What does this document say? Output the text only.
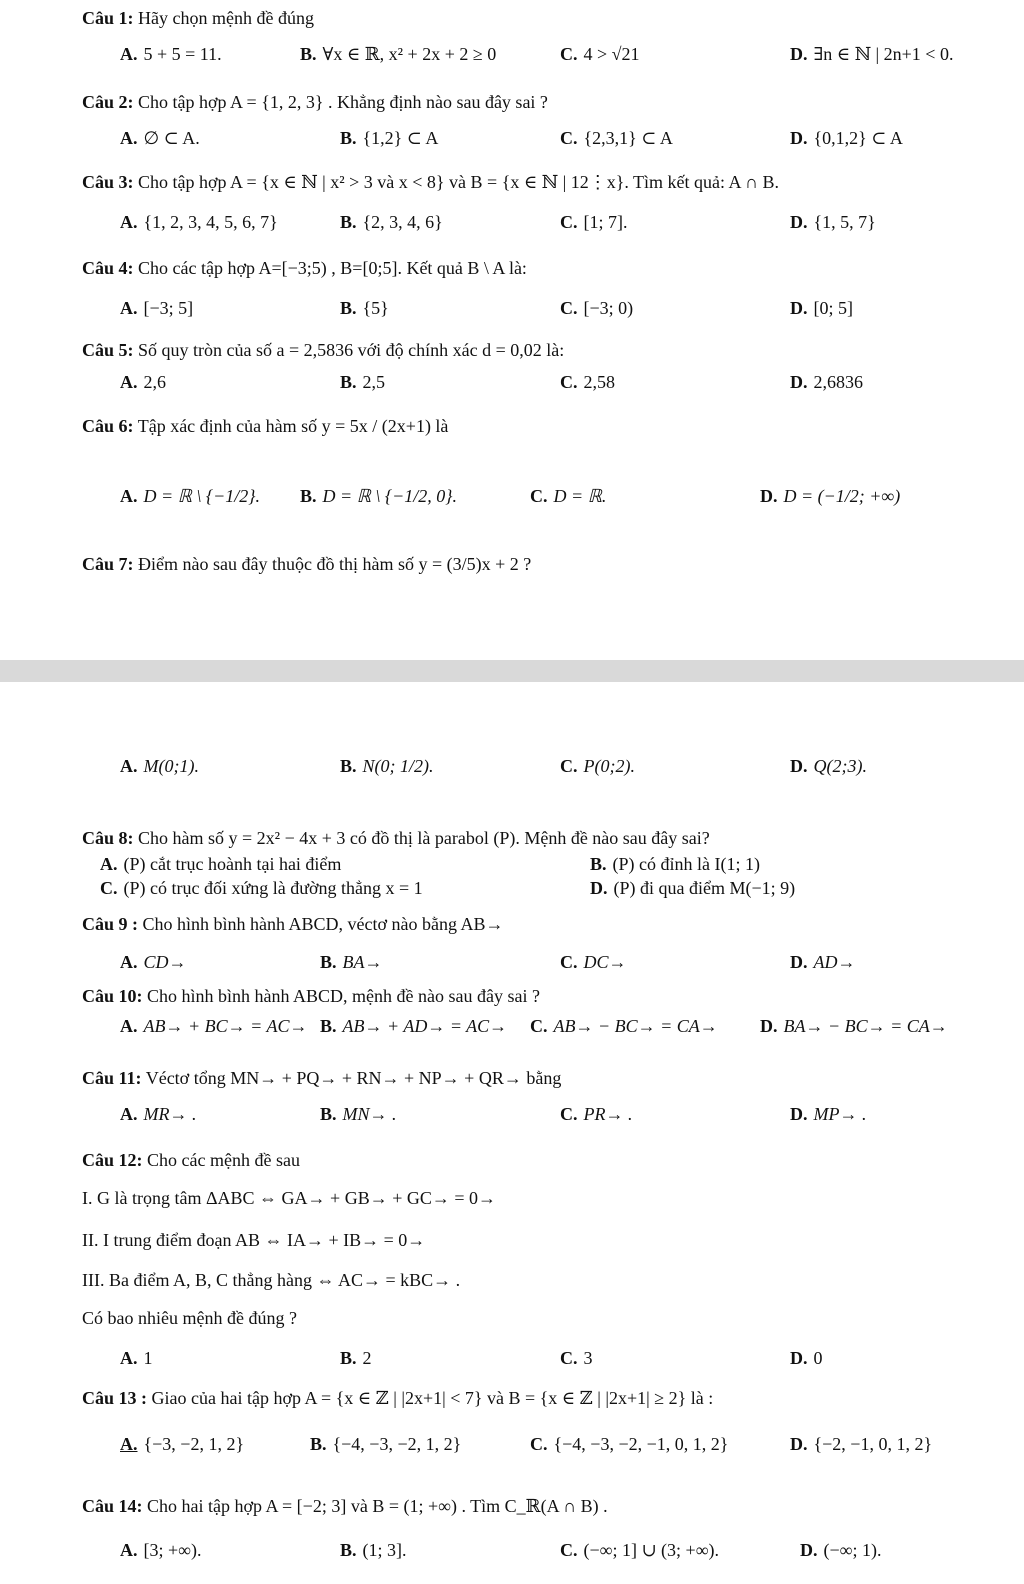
Câu 1: Hãy chọn mệnh đề đúng
A. 5 + 5 = 11.	B. ∀x ∈ ℝ, x² + 2x + 2 ≥ 0	C. 4 > √21	D. ∃n ∈ ℕ | 2n+1 < 0.
Câu 2: Cho tập hợp A = {1, 2, 3} . Khẳng định nào sau đây sai ?
A. ∅ ⊂ A.	B. {1,2} ⊂ A	C. {2,3,1} ⊂ A	D. {0,1,2} ⊂ A
Câu 3: Cho tập hợp A = {x ∈ ℕ | x² > 3 và x < 8} và B = {x ∈ ℕ | 12⋮x}. Tìm kết quả: A ∩ B.
A. {1, 2, 3, 4, 5, 6, 7}	B. {2, 3, 4, 6}	C. [1; 7].	D. {1, 5, 7}
Câu 4: Cho các tập hợp A=[−3;5) , B=[0;5]. Kết quả B \ A là:
A. [−3; 5]	B. {5}	C. [−3; 0)	D. [0; 5]
Câu 5: Số quy tròn của số a = 2,5836 với độ chính xác d = 0,02 là:
A. 2,6	B. 2,5	C. 2,58	D. 2,6836
Câu 6: Tập xác định của hàm số y = 5x / (2x+1) là
A. D = ℝ \ {−1/2}. B. D = ℝ \ {−1/2, 0}.	C. D = ℝ.	D. D = (−1/2; +∞)
Câu 7: Điểm nào sau đây thuộc đồ thị hàm số y = (3/5)x + 2 ?
A. M(0;1).	B. N(0; 1/2).	C. P(0;2).	D. Q(2;3).
Câu 8: Cho hàm số y = 2x² − 4x + 3 có đồ thị là parabol (P). Mệnh đề nào sau đây sai?
A. (P) cắt trục hoành tại hai điểm	B. (P) có đỉnh là I(1; 1)
C. (P) có trục đối xứng là đường thẳng x = 1	D. (P) đi qua điểm M(−1; 9)
Câu 9 : Cho hình bình hành ABCD, véctơ nào bằng AB→
A. CD→	B. BA→	C. DC→	D. AD→
Câu 10: Cho hình bình hành ABCD, mệnh đề nào sau đây sai ?
A. AB→ + BC→ = AC→ B. AB→ + AD→ = AC→ C. AB→ − BC→ = CA→ D. BA→ − BC→ = CA→
Câu 11: Véctơ tổng MN→ + PQ→ + RN→ + NP→ + QR→ bằng
A. MR→ .	B. MN→ .	C. PR→ .	D. MP→ .
Câu 12: Cho các mệnh đề sau
I. G là trọng tâm ΔABC ⇔ GA→ + GB→ + GC→ = 0→
II. I trung điểm đoạn AB ⇔ IA→ + IB→ = 0→
III. Ba điểm A, B, C thẳng hàng ⇔ AC→ = kBC→ .
Có bao nhiêu mệnh đề đúng ?
A. 1	B. 2	C. 3	D. 0
Câu 13 : Giao của hai tập hợp A = {x ∈ ℤ | |2x+1| < 7} và B = {x ∈ ℤ | |2x+1| ≥ 2} là :
A. {−3, −2, 1, 2}	B. {−4, −3, −2, 1, 2}	C. {−4, −3, −2, −1, 0, 1, 2}	D. {−2, −1, 0, 1, 2}
Câu 14: Cho hai tập hợp A = [−2; 3] và B = (1; +∞) . Tìm C_ℝ(A ∩ B) .
A. [3; +∞).	B. (1; 3].	C. (−∞; 1] ∪ (3; +∞).	D. (−∞; 1).
